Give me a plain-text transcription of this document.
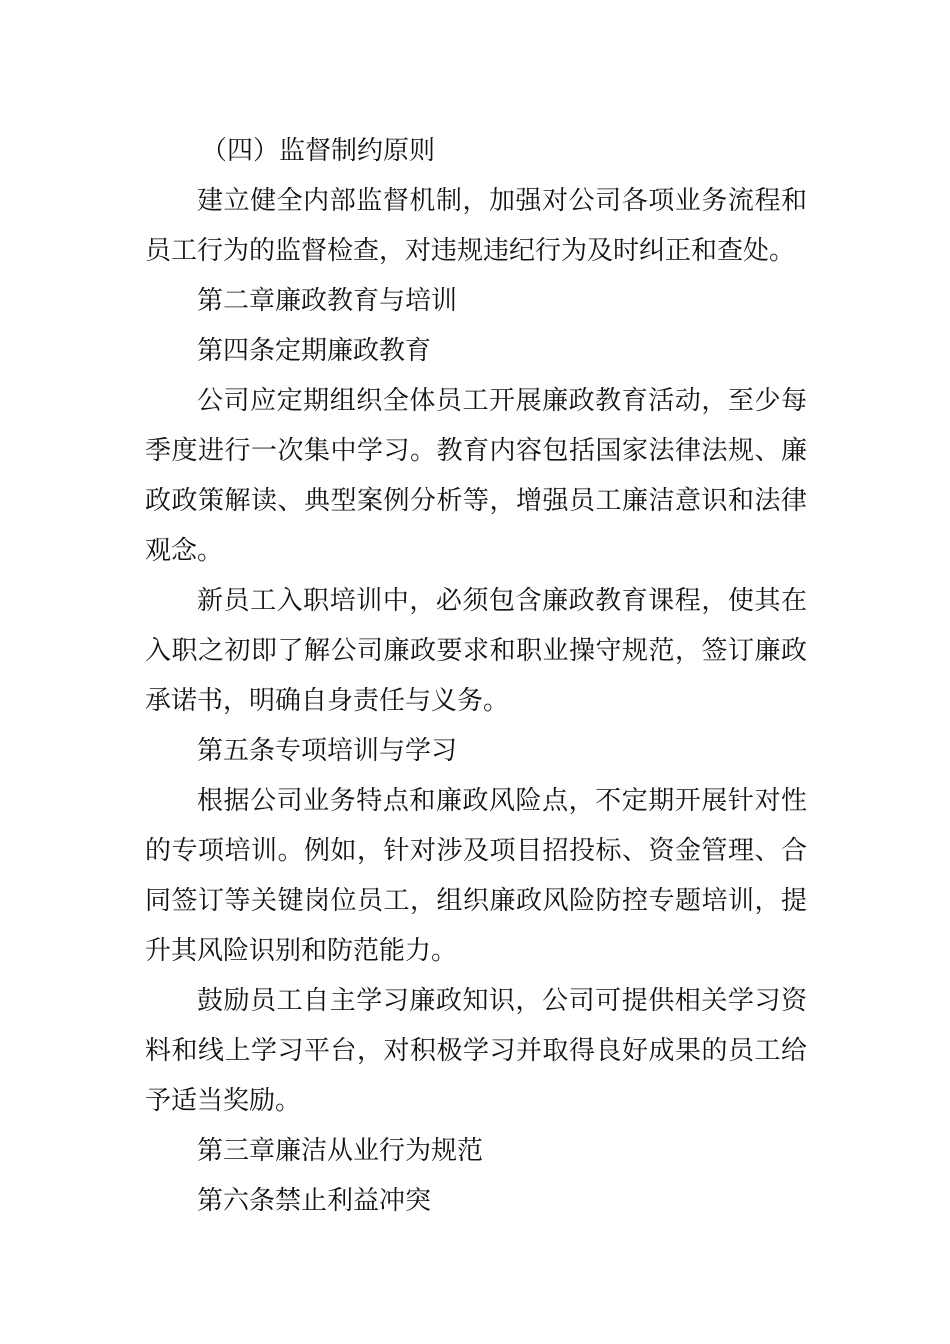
（四）监督制约原则

建立健全内部监督机制，加强对公司各项业务流程和员工行为的监督检查，对违规违纪行为及时纠正和查处。

第二章廉政教育与培训

第四条定期廉政教育

公司应定期组织全体员工开展廉政教育活动，至少每季度进行一次集中学习。教育内容包括国家法律法规、廉政政策解读、典型案例分析等，增强员工廉洁意识和法律观念。

新员工入职培训中，必须包含廉政教育课程，使其在入职之初即了解公司廉政要求和职业操守规范，签订廉政承诺书，明确自身责任与义务。

第五条专项培训与学习

根据公司业务特点和廉政风险点，不定期开展针对性的专项培训。例如，针对涉及项目招投标、资金管理、合同签订等关键岗位员工，组织廉政风险防控专题培训，提升其风险识别和防范能力。

鼓励员工自主学习廉政知识，公司可提供相关学习资料和线上学习平台，对积极学习并取得良好成果的员工给予适当奖励。

第三章廉洁从业行为规范

第六条禁止利益冲突
